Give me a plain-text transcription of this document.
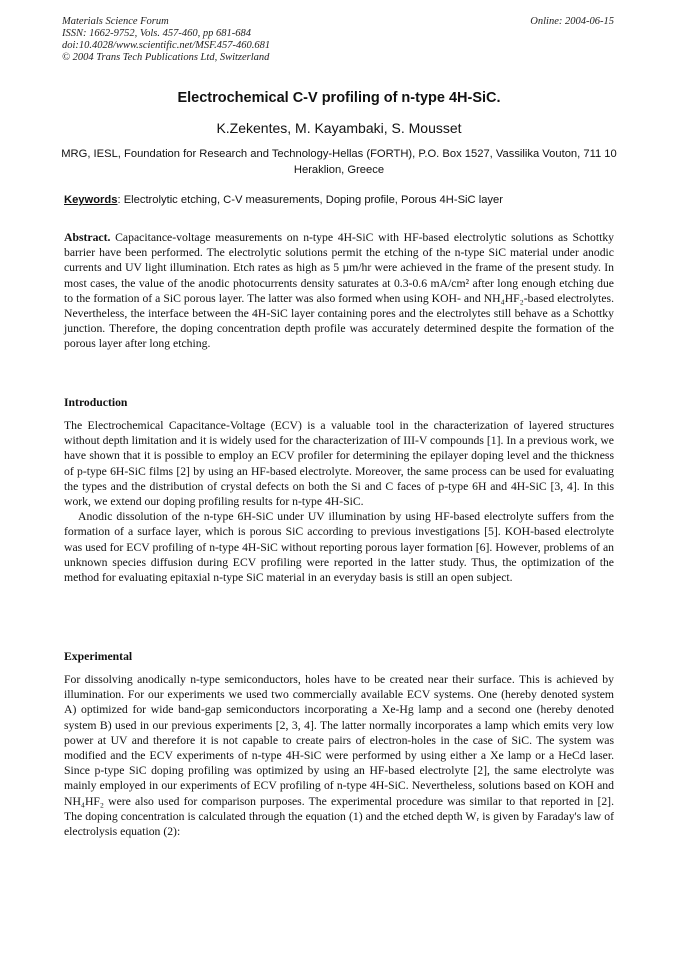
Materials Science Forum
ISSN: 1662-9752, Vols. 457-460, pp 681-684
doi:10.4028/www.scientific.net/MSF.457-460.681
© 2004 Trans Tech Publications Ltd, Switzerland
Online: 2004-06-15
Electrochemical C-V profiling of n-type 4H-SiC.
K.Zekentes, M. Kayambaki, S. Mousset
MRG, IESL, Foundation for Research and Technology-Hellas (FORTH), P.O. Box 1527, Vassilika Vouton, 711 10 Heraklion, Greece
Keywords: Electrolytic etching, C-V measurements, Doping profile, Porous 4H-SiC layer

Abstract. Capacitance-voltage measurements on n-type 4H-SiC with HF-based electrolytic solutions as Schottky barrier have been performed. The electrolytic solutions permit the etching of the n-type SiC material under anodic currents and UV light illumination. Etch rates as high as 5 µm/hr were achieved in the frame of the present study. In most cases, the value of the anodic photocurrents density saturates at 0.3-0.6 mA/cm² after long enough etching due to the formation of a SiC porous layer. The latter was also formed when using KOH- and NH₄HF₂-based electrolytes. Nevertheless, the interface between the 4H-SiC layer containing pores and the electrolytes still behave as a Schottky junction. Therefore, the doping concentration depth profile was accurately determined despite the formation of the porous layer after long etching.

Introduction

The Electrochemical Capacitance-Voltage (ECV) is a valuable tool in the characterization of layered structures without depth limitation and it is widely used for the characterization of III-V compounds [1]. In a previous work, we have shown that it is possible to employ an ECV profiler for determining the epilayer doping level and the thickness of p-type 6H-SiC films [2] by using an HF-based electrolyte. Moreover, the same process can be used for evaluating the types and the distribution of crystal defects on both the Si and C faces of p-type 6H and 4H-SiC [3, 4]. In this work, we extend our doping profiling results for n-type 4H-SiC.

Anodic dissolution of the n-type 6H-SiC under UV illumination by using HF-based electrolyte suffers from the formation of a surface layer, which is porous SiC according to previous investigations [5]. KOH-based electrolyte was used for ECV profiling of n-type 4H-SiC without reporting porous layer formation [6]. However, problems of an unknown species diffusion during ECV profiling were reported in the latter study. Thus, the optimization of the method for evaluating epitaxial n-type SiC material in an everyday basis is still an open subject.

Experimental

For dissolving anodically n-type semiconductors, holes have to be created near their surface. This is achieved by illumination. For our experiments we used two commercially available ECV systems. One (hereby denoted system A) optimized for wide band-gap semiconductors incorporating a Xe-Hg lamp and a second one (hereby denoted system B) used in our previous experiments [2, 3, 4]. The latter normally incorporates a lamp which emits very low power at UV and therefore it is not capable to create pairs of electron-holes in the case of SiC. The system was modified and the ECV experiments of n-type 4H-SiC were performed by using either a Xe lamp or a HeCd laser. Since p-type SiC doping profiling was optimized by using an HF-based electrolyte [2], the same electrolyte was mainly employed in our experiments of ECV profiling of n-type 4H-SiC. Nevertheless, solutions based on KOH and NH₄HF₂ were also used for comparison purposes. The experimental procedure was similar to that reported in [2]. The doping concentration is calculated through the equation (1) and the etched depth Wᵣ is given by Faraday's law of electrolysis equation (2):
